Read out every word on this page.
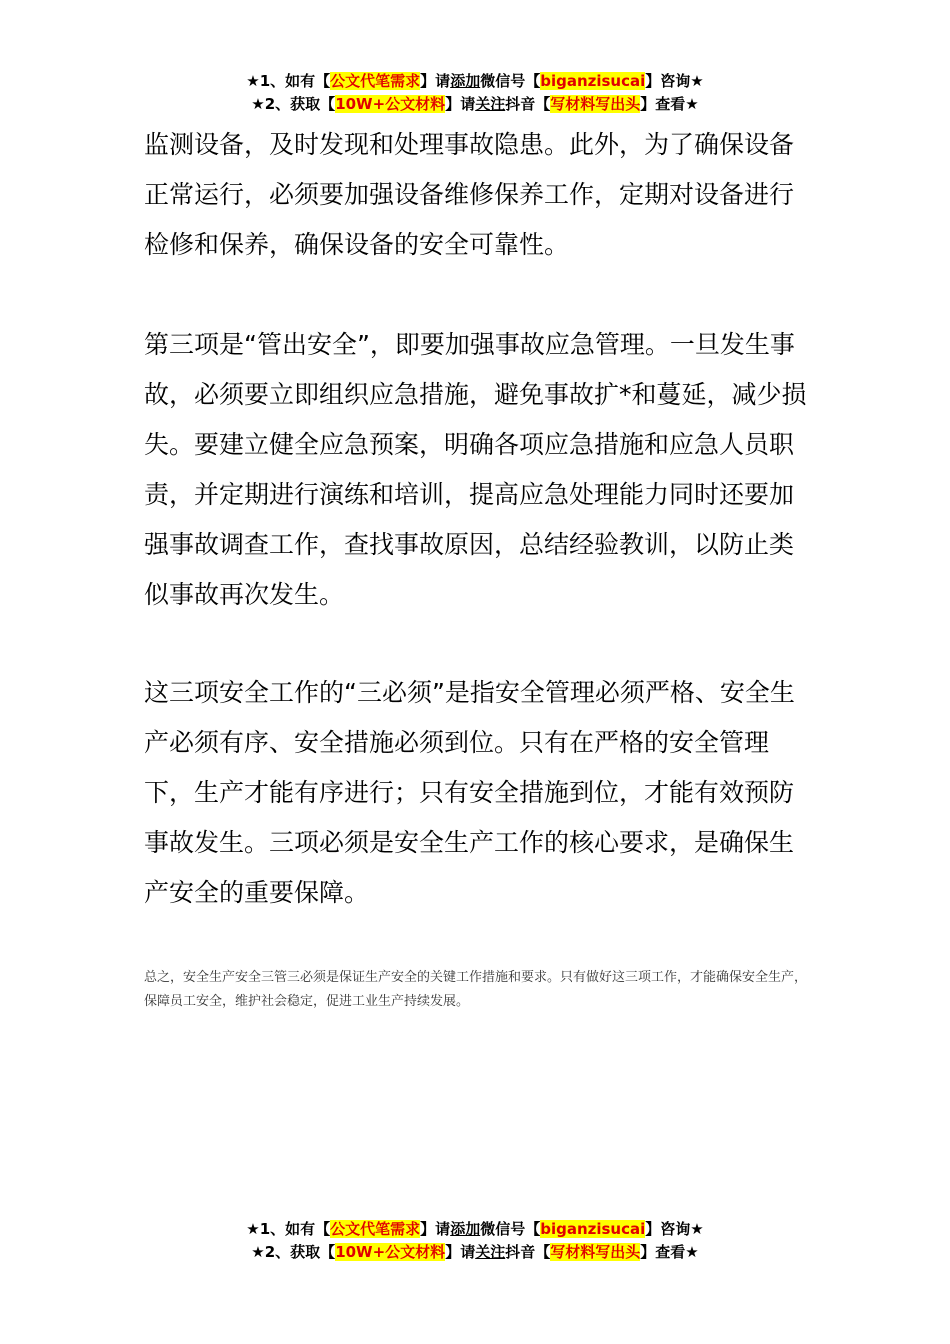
★1、如有【公文代笔需求】请添加微信号【biganzisucai】咨询★
★2、获取【10W+公文材料】请关注抖音【写材料写出头】查看★

监测设备，及时发现和处理事故隐患。此外，为了确保设备正常运行，必须要加强设备维修保养工作，定期对设备进行检修和保养，确保设备的安全可靠性。

第三项是“管出安全”，即要加强事故应急管理。一旦发生事故，必须要立即组织应急措施，避免事故扩*和蔓延，减少损失。要建立健全应急预案，明确各项应急措施和应急人员职责，并定期进行演练和培训，提高应急处理能力同时还要加强事故调查工作，查找事故原因，总结经验教训，以防止类似事故再次发生。

这三项安全工作的“三必须”是指安全管理必须严格、安全生产必须有序、安全措施必须到位。只有在严格的安全管理下，生产才能有序进行；只有安全措施到位，才能有效预防事故发生。三项必须是安全生产工作的核心要求，是确保生产安全的重要保障。

总之，安全生产安全三管三必须是保证生产安全的关键工作措施和要求。只有做好这三项工作，才能确保安全生产，保障员工安全，维护社会稳定，促进工业生产持续发展。

★1、如有【公文代笔需求】请添加微信号【biganzisucai】咨询★
★2、获取【10W+公文材料】请关注抖音【写材料写出头】查看★
